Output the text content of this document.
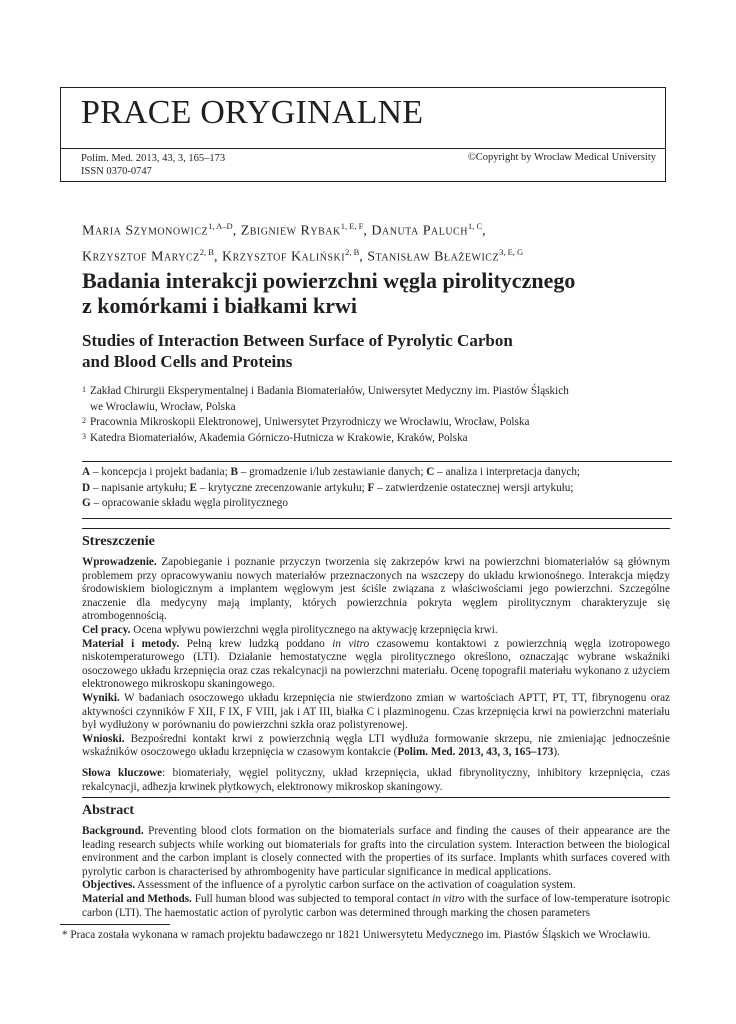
PRACE ORYGINALNE
Polim. Med. 2013, 43, 3, 165–173
ISSN 0370-0747
©Copyright by Wroclaw Medical University
Maria Szymonowicz$^{1, A-D}$, Zbigniew Rybak$^{1, E, F}$, Danuta Paluch$^{1, C}$,
Krzysztof Marycz$^{2, B}$, Krzysztof Kaliński$^{2, B}$, Stanisław Błażewicz$^{3, E, G}$
Badania interakcji powierzchni węgla pirolitycznego
z komórkami i białkami krwi
Studies of Interaction Between Surface of Pyrolytic Carbon
and Blood Cells and Proteins
1 Zakład Chirurgii Eksperymentalnej i Badania Biomateriałów, Uniwersytet Medyczny im. Piastów Śląskich
we Wrocławiu, Wrocław, Polska
2 Pracownia Mikroskopii Elektronowej, Uniwersytet Przyrodniczy we Wrocławiu, Wrocław, Polska
3 Katedra Biomateriałów, Akademia Górniczo-Hutnicza w Krakowie, Kraków, Polska
A – koncepcja i projekt badania; B – gromadzenie i/lub zestawianie danych; C – analiza i interpretacja danych;
D – napisanie artykułu; E – krytyczne zrecenzowanie artykułu; F – zatwierdzenie ostatecznej wersji artykułu;
G – opracowanie składu węgla pirolitycznego
Streszczenie

Wprowadzenie. Zapobieganie i poznanie przyczyn tworzenia się zakrzepów krwi na powierzchni biomateriałów są głównym problemem przy opracowywaniu nowych materiałów przeznaczonych na wszczepy do układu krwionośnego. Interakcja między środowiskiem biologicznym a implantem węglowym jest ściśle związana z właściwościami jego powierzchni. Szczególne znaczenie dla medycyny mają implanty, których powierzchnia pokryta węglem pirolitycznym charakteryzuje się atrombogennością.

Cel pracy. Ocena wpływu powierzchni węgla pirolitycznego na aktywację krzepnięcia krwi.

Materiał i metody. Pełną krew ludzką poddano in vitro czasowemu kontaktowi z powierzchnią węgla izotropowego niskotemperaturowego (LTI). Działanie hemostatyczne węgla pirolitycznego określono, oznaczając wybrane wskaźniki osoczowego układu krzepnięcia oraz czas rekalcynacji na powierzchni materiału. Ocenę topografii materiału wykonano z użyciem elektronowego mikroskopu skaningowego.

Wyniki. W badaniach osoczowego układu krzepnięcia nie stwierdzono zmian w wartościach APTT, PT, TT, fibrynogenu oraz aktywności czynników F XII, F IX, F VIII, jak i AT III, białka C i plazminogenu. Czas krzepnięcia krwi na powierzchni materiału był wydłużony w porównaniu do powierzchni szkła oraz polistyrenowej.

Wnioski. Bezpośredni kontakt krwi z powierzchnią węgla LTI wydłuża formowanie skrzepu, nie zmieniając jednocześnie wskaźników osoczowego układu krzepnięcia w czasowym kontakcie (Polim. Med. 2013, 43, 3, 165–173).

Słowa kluczowe: biomateriały, węgiel polityczny, układ krzepnięcia, układ fibrynolityczny, inhibitory krzepnięcia, czas rekalcynacji, adhezja krwinek płytkowych, elektronowy mikroskop skaningowy.

Abstract

Background. Preventing blood clots formation on the biomaterials surface and finding the causes of their appearance are the leading research subjects while working out biomaterials for grafts into the circulation system. Interaction between the biological environment and the carbon implant is closely connected with the properties of its surface. Implants whith surfaces covered with pyrolytic carbon is characterised by athrombogenity have particular significance in medical applications.

Objectives. Assessment of the influence of a pyrolytic carbon surface on the activation of coagulation system.

Material and Methods. Full human blood was subjected to temporal contact in vitro with the surface of low-temperature isotropic carbon (LTI). The haemostatic action of pyrolytic carbon was determined through marking the chosen parameters

* Praca została wykonana w ramach projektu badawczego nr 1821 Uniwersytetu Medycznego im. Piastów Śląskich we Wrocławiu.
